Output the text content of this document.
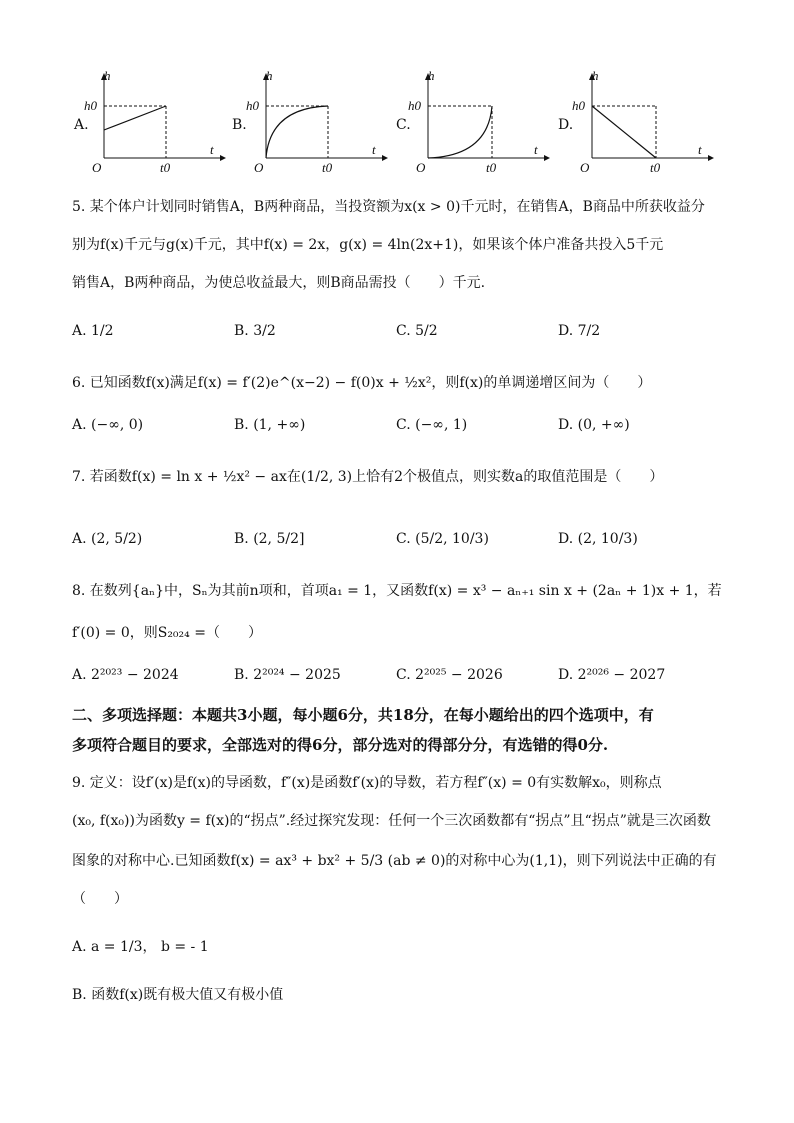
A.
h
h0
O	t0
t
B.
h
h0
O	t0
t
C.
h
h0
O	t0
t
D.
h
h0
O	t0
t
5. 某个体户计划同时销售A，B两种商品，当投资额为x(x > 0)千元时，在销售A，B商品中所获收益分
别为f(x)千元与g(x)千元，其中f(x) = 2x，g(x) = 4ln(2x+1)，如果该个体户准备共投入5千元
销售A，B两种商品，为使总收益最大，则B商品需投（　　）千元.
A. 1/2	B. 3/2	C. 5/2	D. 7/2
6. 已知函数f(x)满足f(x) = f′(2)e^(x−2) − f(0)x + ½x²，则f(x)的单调递增区间为（　　）
A. (−∞, 0)	B. (1, +∞)	C. (−∞, 1)	D. (0, +∞)
7. 若函数f(x) = ln x + ½x² − ax在(1/2, 3)上恰有2个极值点，则实数a的取值范围是（　　）
A. (2, 5/2)	B. (2, 5/2]	C. (5/2, 10/3)	D. (2, 10/3)
8. 在数列{aₙ}中，Sₙ为其前n项和，首项a₁ = 1，又函数f(x) = x³ − aₙ₊₁ sin x + (2aₙ + 1)x + 1，若
f′(0) = 0，则S₂₀₂₄ =（　　）
A. 2²⁰²³ − 2024	B. 2²⁰²⁴ − 2025	C. 2²⁰²⁵ − 2026	D. 2²⁰²⁶ − 2027
二、多项选择题：本题共3小题，每小题6分，共18分，在每小题给出的四个选项中，有
多项符合题目的要求，全部选对的得6分，部分选对的得部分分，有选错的得0分.
9. 定义：设f′(x)是f(x)的导函数，f″(x)是函数f′(x)的导数，若方程f″(x) = 0有实数解x₀，则称点
(x₀, f(x₀))为函数y = f(x)的“拐点”.经过探究发现：任何一个三次函数都有“拐点”且“拐点”就是三次函数
图象的对称中心.已知函数f(x) = ax³ + bx² + 5/3 (ab ≠ 0)的对称中心为(1,1)，则下列说法中正确的有
（　　）
A. a = 1/3， b = - 1
B. 函数f(x)既有极大值又有极小值
